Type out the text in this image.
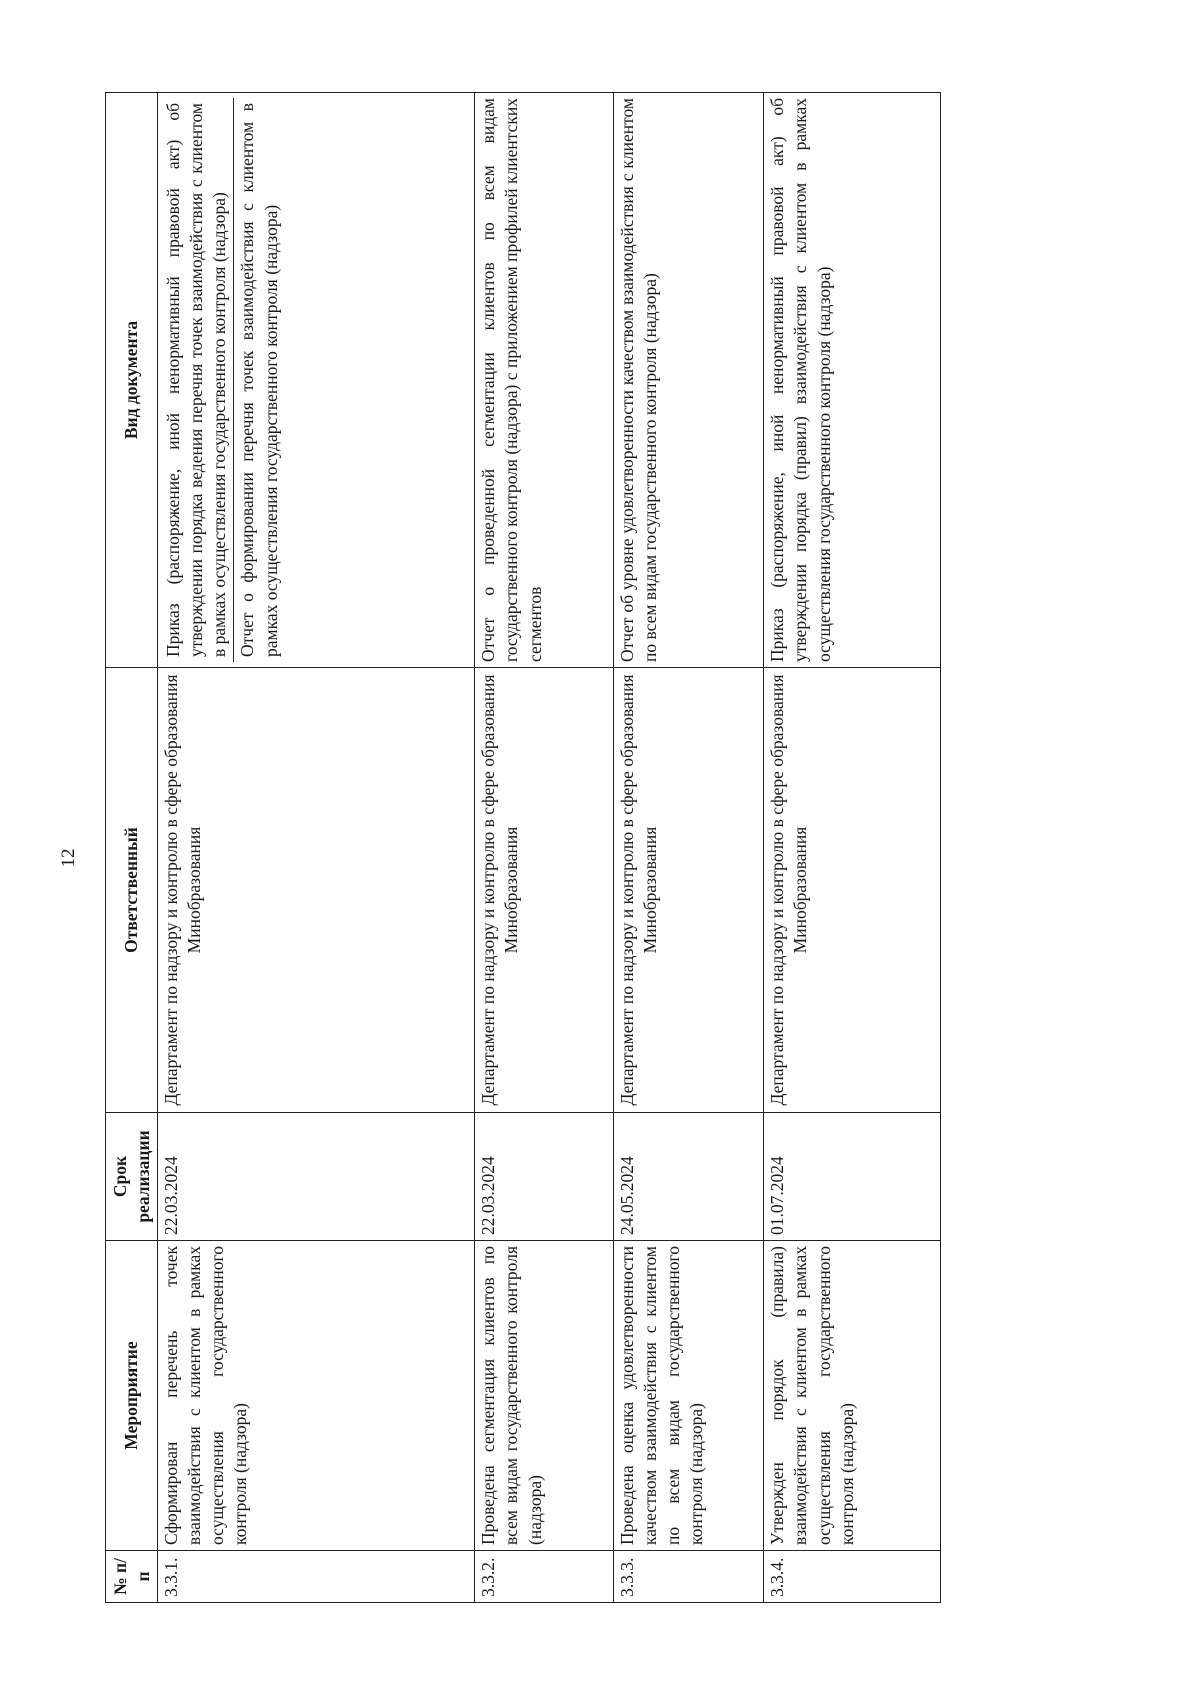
12
№ п/п	Мероприятие	Срок реализации	Ответственный	Вид документа
3.3.1.	Сформирован перечень точек взаимодействия с клиентом в рамках осуществления государственного контроля (надзора)	22.03.2024	Департамент по надзору и контролю в сфере образования Минобразования	Приказ (распоряжение, иной ненормативный правовой акт) об утверждении порядка ведения перечня точек взаимодействия с клиентом в рамках осуществления государственного контроля (надзора) Отчет о формировании перечня точек взаимодействия с клиентом в рамках осуществления государственного контроля (надзора)

3.3.2.	Проведена сегментация клиентов по всем видам государственного контроля (надзора)	22.03.2024	Департамент по надзору и контролю в сфере образования Минобразования	Отчет о проведенной сегментации клиентов по всем видам государственного контроля (надзора) с приложением профилей клиентских сегментов
3.3.3.	Проведена оценка удовлетворенности качеством взаимодействия с клиентом по всем видам государственного контроля (надзора)	24.05.2024	Департамент по надзору и контролю в сфере образования Минобразования	Отчет об уровне удовлетворенности качеством взаимодействия с клиентом по всем видам государственного контроля (надзора)
3.3.4.	Утвержден порядок (правила) взаимодействия с клиентом в рамках осуществления государственного контроля (надзора)	01.07.2024	Департамент по надзору и контролю в сфере образования Минобразования	Приказ (распоряжение, иной ненормативный правовой акт) об утверждении порядка (правил) взаимодействия с клиентом в рамках осуществления государственного контроля (надзора)
